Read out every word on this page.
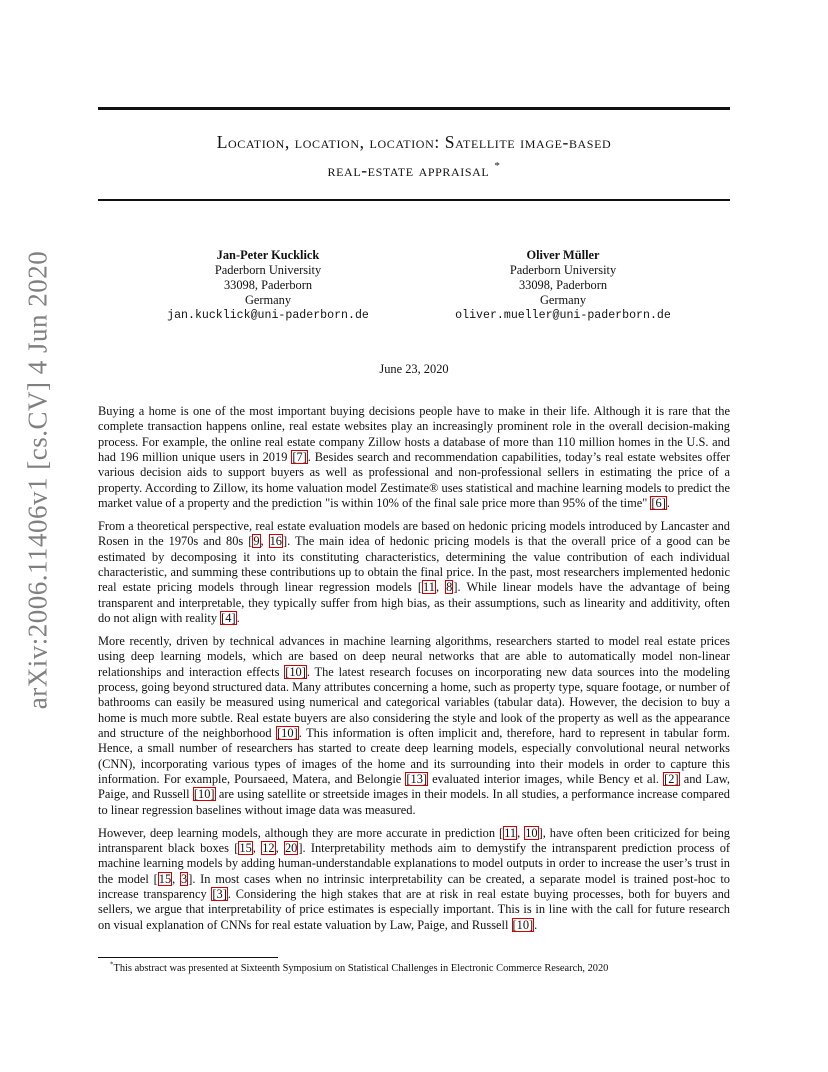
arXiv:2006.11406v1 [cs.CV] 4 Jun 2020
Location, location, location: Satellite image-based
real-estate appraisal *
Jan-Peter Kucklick
Paderborn University
33098, Paderborn
Germany
jan.kucklick@uni-paderborn.de
Oliver Müller
Paderborn University
33098, Paderborn
Germany
oliver.mueller@uni-paderborn.de
June 23, 2020

Buying a home is one of the most important buying decisions people have to make in their life. Although it is rare that the complete transaction happens online, real estate websites play an increasingly prominent role in the overall decision-making process. For example, the online real estate company Zillow hosts a database of more than 110 million homes in the U.S. and had 196 million unique users in 2019 [7]. Besides search and recommendation capabilities, today’s real estate websites offer various decision aids to support buyers as well as professional and non-professional sellers in estimating the price of a property. According to Zillow, its home valuation model Zestimate® uses statistical and machine learning models to predict the market value of a property and the prediction "is within 10% of the final sale price more than 95% of the time" [6].

From a theoretical perspective, real estate evaluation models are based on hedonic pricing models introduced by Lancaster and Rosen in the 1970s and 80s [9, 16]. The main idea of hedonic pricing models is that the overall price of a good can be estimated by decomposing it into its constituting characteristics, determining the value contribution of each individual characteristic, and summing these contributions up to obtain the final price. In the past, most researchers implemented hedonic real estate pricing models through linear regression models [11, 8]. While linear models have the advantage of being transparent and interpretable, they typically suffer from high bias, as their assumptions, such as linearity and additivity, often do not align with reality [4].

More recently, driven by technical advances in machine learning algorithms, researchers started to model real estate prices using deep learning models, which are based on deep neural networks that are able to automatically model non-linear relationships and interaction effects [10]. The latest research focuses on incorporating new data sources into the modeling process, going beyond structured data. Many attributes concerning a home, such as property type, square footage, or number of bathrooms can easily be measured using numerical and categorical variables (tabular data). However, the decision to buy a home is much more subtle. Real estate buyers are also considering the style and look of the property as well as the appearance and structure of the neighborhood [10]. This information is often implicit and, therefore, hard to represent in tabular form. Hence, a small number of researchers has started to create deep learning models, especially convolutional neural networks (CNN), incorporating various types of images of the home and its surrounding into their models in order to capture this information. For example, Poursaeed, Matera, and Belongie [13] evaluated interior images, while Bency et al. [2] and Law, Paige, and Russell [10] are using satellite or streetside images in their models. In all studies, a performance increase compared to linear regression baselines without image data was measured.

However, deep learning models, although they are more accurate in prediction [11, 10], have often been criticized for being intransparent black boxes [15, 12, 20]. Interpretability methods aim to demystify the intransparent prediction process of machine learning models by adding human-understandable explanations to model outputs in order to increase the user’s trust in the model [15, 3]. In most cases when no intrinsic interpretability can be created, a separate model is trained post-hoc to increase transparency [3]. Considering the high stakes that are at risk in real estate buying processes, both for buyers and sellers, we argue that interpretability of price estimates is especially important. This is in line with the call for future research on visual explanation of CNNs for real estate valuation by Law, Paige, and Russell [10].

*This abstract was presented at Sixteenth Symposium on Statistical Challenges in Electronic Commerce Research, 2020
